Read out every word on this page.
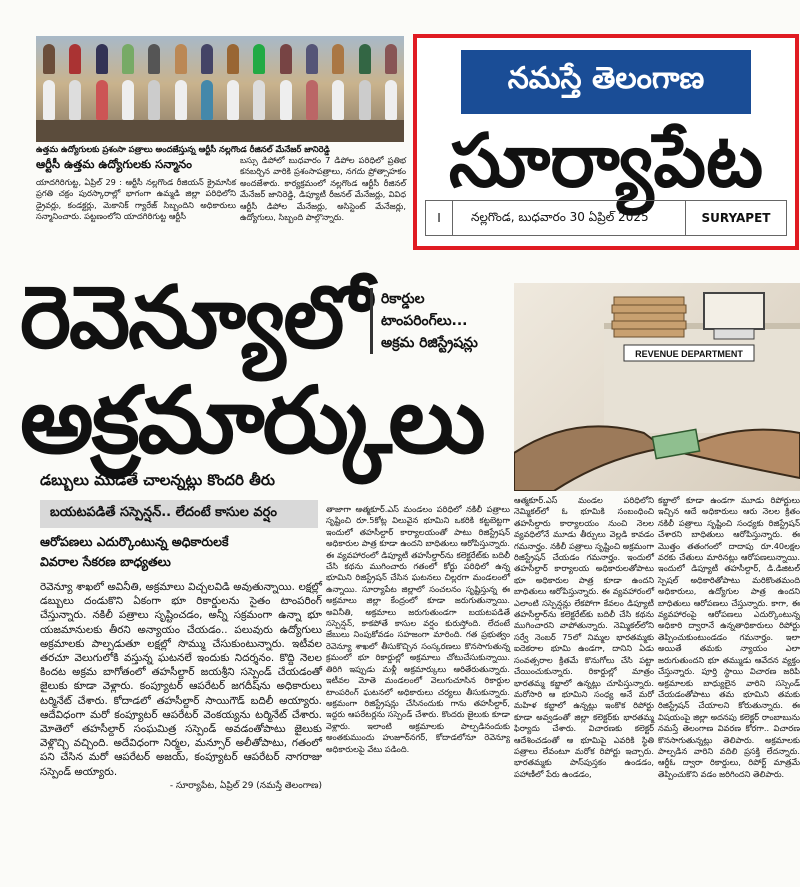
ఉత్తమ ఉద్యోగులకు ప్రశంసా పత్రాలు అందజేస్తున్న ఆర్టీసీ నల్లగొండ రీజినల్ మేనేజర్ జానిరెడ్డి
ఆర్టీసీ ఉత్తమ ఉద్యోగులకు సన్మానం

యాదగిరిగుట్ట, ఏప్రిల్ 29 : ఆర్టీసీ నల్లగొండ రీజియన్ క్రైమాసిక ప్రగతి చక్రం పురస్కారాల్లో భాగంగా ఉమ్మడి జిల్లా పరిధిలోని డ్రైవర్లు, కండక్టర్లు, మెకానిక్ గ్యారేజ్ సిబ్బందిని అధికారులు సన్మానించారు. పట్టణంలోని యాదగిరిగుట్ట ఆర్టీసీ

బస్సు డిపోలో బుధవారం 7 డిపోల పరిధిలో ప్రతిభ కనబర్చిన వారికి ప్రశంసాపత్రాలు, నగదు ప్రోత్సాహకం అందజేశారు. కార్యక్రమంలో నల్లగొండ ఆర్టీసీ రీజినల్ మేనేజర్ జానిరెడ్డి, డిప్యూటీ రీజనల్ మేనేజర్లు, వివిధ ఆర్టీసీ డిపోల మేనేజర్లు, అసిస్టెంట్ మేనేజర్లు, ఉద్యోగులు, సిబ్బంది పాల్గొన్నారు.

నమస్తే తెలంగాణ
సూర్యాపేట
I	నల్లగొండ, బుధవారం 30 ఏప్రిల్ 2025	SURYAPET
రెవెన్యూలో
అక్రమార్కులు
రికార్డుల
టాంపరింగ్‌లు...
అక్రమ రిజిస్ట్రేషన్లు
డబ్బులు ముడితే చాలన్నట్లు కొందరి తీరు
బయటపడితే సస్పెన్షన్.. లేదంటే కాసుల వర్షం
ఆరోపణలు ఎదుర్కొంటున్న అధికారులకే వివరాల సేకరణ బాధ్యతలు
రెవెన్యూ శాఖలో అవినీతి, అక్రమాలు విచ్చలవిడి అవుతున్నాయి. లక్షల్లో డబ్బులు దండుకొని ఏకంగా భూ రికార్డులను సైతం టాంపరింగ్ చేస్తున్నారు. నకిలీ పత్రాలు సృష్టించడం, అన్నీ సక్రమంగా ఉన్నా భూ యజమానులకు తీరని అన్యాయం చేయడం.. పలువురు ఉద్యోగులు అక్రమాలకు పాల్పడుతూ లక్షల్లో సొమ్ము చేసుకుంటున్నారు. ఇటీవల తరచూ వెలుగులోకి వస్తున్న ఘటనలే ఇందుకు నిదర్శనం. కొద్ది నెలల కిందట అక్రమ బాగోతంలో తహసీల్దార్ జయశ్రీని సస్పెండ్ చేయడంతో జైలుకు కూడా వెళ్లారు. కంప్యూటర్ ఆపరేటర్ జగదీష్‌ను అధికారులు టర్మినేట్ చేశారు. కోదాడలో తహసీల్దార్ సాయిగౌడ్ బదిలీ అయ్యారు. ఆదేవిధంగా మరో కంప్యూటర్ ఆపరేటర్ వెంకయ్యను టర్మినేట్ చేశారు. మోతెలో తహసీల్దార్ సంఘమిత్ర సస్పెండ్ అవడంతోపాటు జైలుకు వెళ్లొచ్చి వచ్చింది. అదేవిధంగా నిర్మల, మన్సూర్ అలీతోపాటు, గతంలో పని చేసిన మరో ఆపరేటర్ అజయ్, కంప్యూటర్ ఆపరేటర్ నాగరాజు సస్పెండ్ అయ్యారు.
- సూర్యాపేట, ఏప్రిల్ 29 (నమస్తే తెలంగాణ)

తాజాగా ఆత్మకూర్.ఎస్ మండలం పరిధిలో నకిలీ పత్రాలు సృష్టించి రూ.5కోట్ల విలువైన భూమిని ఒకరికి కట్టబెట్టగా ఇందులో తహసీల్దార్ కార్యాలయంతో పాటు రిజిస్ట్రేషన్ అధికారుల పాత్ర కూడా ఉందని బాధితులు ఆరోపిస్తున్నారు. ఈ వ్యవహారంలో డిప్యూటీ తహసీల్దార్‌ను కలెక్టరేట్‌కు బదిలీ చేసి కథను ముగించారు గతంలో కోర్టు పరిధిలో ఉన్న భూమిని రిజిస్ట్రేషన్ చేసిన ఘటనలు చిల్లరగా మండలంలో ఉన్నాయి. సూర్యాపేట జిల్లాలో సంచలనం సృష్టిస్తున్న ఈ అక్రమాలు జిల్లా కేంద్రంలో కూడా జరుగుతున్నాయి. అవినీతి, అక్రమాలు జరుగుతుండగా బయటపడితే సస్పెన్షన్, కాకపోతే కాసుల వర్షం కురుస్తోంది. లేదంటే జేబులు నింపుకోవడం సహజంగా మారింది. గత ప్రభుత్వం రెవెన్యూ శాఖలో తీసుకొచ్చిన సంస్కరణలు కొనసాగుతున్న క్రమంలో భూ రికార్డుల్లో అక్రమాలు చోటుచేసుకున్నాయి. తిరిగి ఇప్పుడు మళ్లీ అక్రమార్కులు ఆరితేరుతున్నారు. ఇటీవల మోతె మండలంలో వెలుగుచూసిన రికార్డుల టాంపరింగ్ ఘటనలో అధికారులు చర్యలు తీసుకున్నారు. అక్రమంగా రిజిస్ట్రేషన్లు చేసినందుకు గాను తహసీల్దార్, ఇద్దరు ఆపరేటర్లను సస్పెండ్ చేశారు. కొందరు జైలుకు కూడా వెళ్లారు. ఇలాంటి అక్రమాలకు పాల్పడినందుకు అంతకుముందు హుజూర్‌నగర్, కోదాడలోనూ రెవెన్యూ అధికారులపై వేటు పడింది.

REVENUE DEPARTMENT

ఆత్మకూర్.ఎస్ మండల పరిధిలోని నెమ్మికల్‌లో ఓ భూమికి సంబంధించి తహసీల్దారు కార్యాలయం నుంచి నెలల వ్యవధిలోనే మూడు తీర్పులు వెల్లడి కావడం గమనార్హం. నకిలీ పత్రాలు సృష్టించి అక్రమంగా రిజిస్ట్రేషన్ చేయడం గమనార్హం. ఇందులో తహసీల్దార్ కార్యాలయ అధికారులతోపాటు భూ అధికారుల పాత్ర కూడా ఉందని బాధితులు ఆరోపిస్తున్నారు. ఈ వ్యవహారంలో ఎలాంటి సస్పెన్షన్లు లేకపోగా కేవలం డిప్యూటీ తహసీల్దార్‌ను కలెక్టరేట్‌కు బదిలీ చేసి కథను ముగించారని వాపోతున్నారు. నెమ్మికల్‌లోని సర్వే నెంబర్ 75లో నిమ్మల భారతమ్మకు ఐదెకరాల భూమి ఉండగా, దానిని ఏడు సంవత్సరాల క్రితమే కొనుగోలు చేసి పట్టా చేయించుకున్నారు. రికార్డుల్లో మాత్రం భారతమ్మ కబ్జాలో ఉన్నట్లు చూపిస్తున్నారు. మరోసారి ఆ భూమిని సంధ్య అనే మరో మహిళ కబ్జాలో ఉన్నట్లు ఇంకొక రిపోర్టు కూడా అవ్వడంతో జిల్లా కలెక్టర్‌కు భారతమ్మ ఫిర్యాదు చేశారు. విచారణకు కలెక్టర్ ఆదేశించడంతో ఆ భూమిపై ఎవరికి స్థితి పత్రాలు లేవంటూ మరోక రిపోర్టు ఇచ్చారు. భారతమ్మకు పాస్‌పుస్తకం ఉండడం, పహాణీలో పేరు ఉండడం,

కబ్జాలో కూడా ఉండగా మూడు రిపోర్టులు ఇచ్చిన ఆదే అధికారులు ఆరు నెలల క్రితం నకిలీ పత్రాలు సృష్టించి సంధ్యకు రిజిస్ట్రేషన్ చేశారని బాధితులు ఆరోపిస్తున్నారు. ఈ మొత్తం తతంగంలో దాదాపు రూ.40లక్షల వరకు చేతులు మారినట్లు ఆరోపణలున్నాయి. ఇందులో డిప్యూటీ తహసీల్దార్, డి.డిజిటల్ స్పెషల్ అధికారితోపాటు మరికొంతమంది అధికారులు, ఉద్యోగుల పాత్ర ఉందని బాధితులు ఆరోపణలు చేస్తున్నారు. కాగా, ఈ వ్యవహారంపై ఆరోపణలు ఎదుర్కొంటున్న అధికారి ద్వారానే ఉన్నతాధికారులు రిపోర్టు తెప్పించుకుంటుండడం గమనార్హం. ఇలా అయితే తమకు న్యాయం ఎలా జరుగుతుందని భూ తమ్ముడు ఆవేదన వ్యక్తం చేస్తున్నారు. పూర్తి స్థాయి విచారణ జరిపి అక్రమాలకు బాధ్యులైన వారిని సస్పెండ్ చేయడంతోపాటు తమ భూమిని తమకు రిజిస్ట్రేషన్ చేయాలని కోరుతున్నారు. ఈ విషయంపై జిల్లా అదనపు కలెక్టర్ రాంబాబును నమస్తే తెలంగాణ వివరణ కోరగా.. విచారణ కొనసాగుతున్నట్లు తెలిపారు. అక్రమాలకు పాల్పడిన వారిని వదిలి ప్రసక్తి లేదన్నారు. ఆర్డీఓ ద్వారా రికార్డులు, రిపోర్ట్ మాత్రమే తెప్పించుకొని వడం జరిగిందని తెలిపారు.
